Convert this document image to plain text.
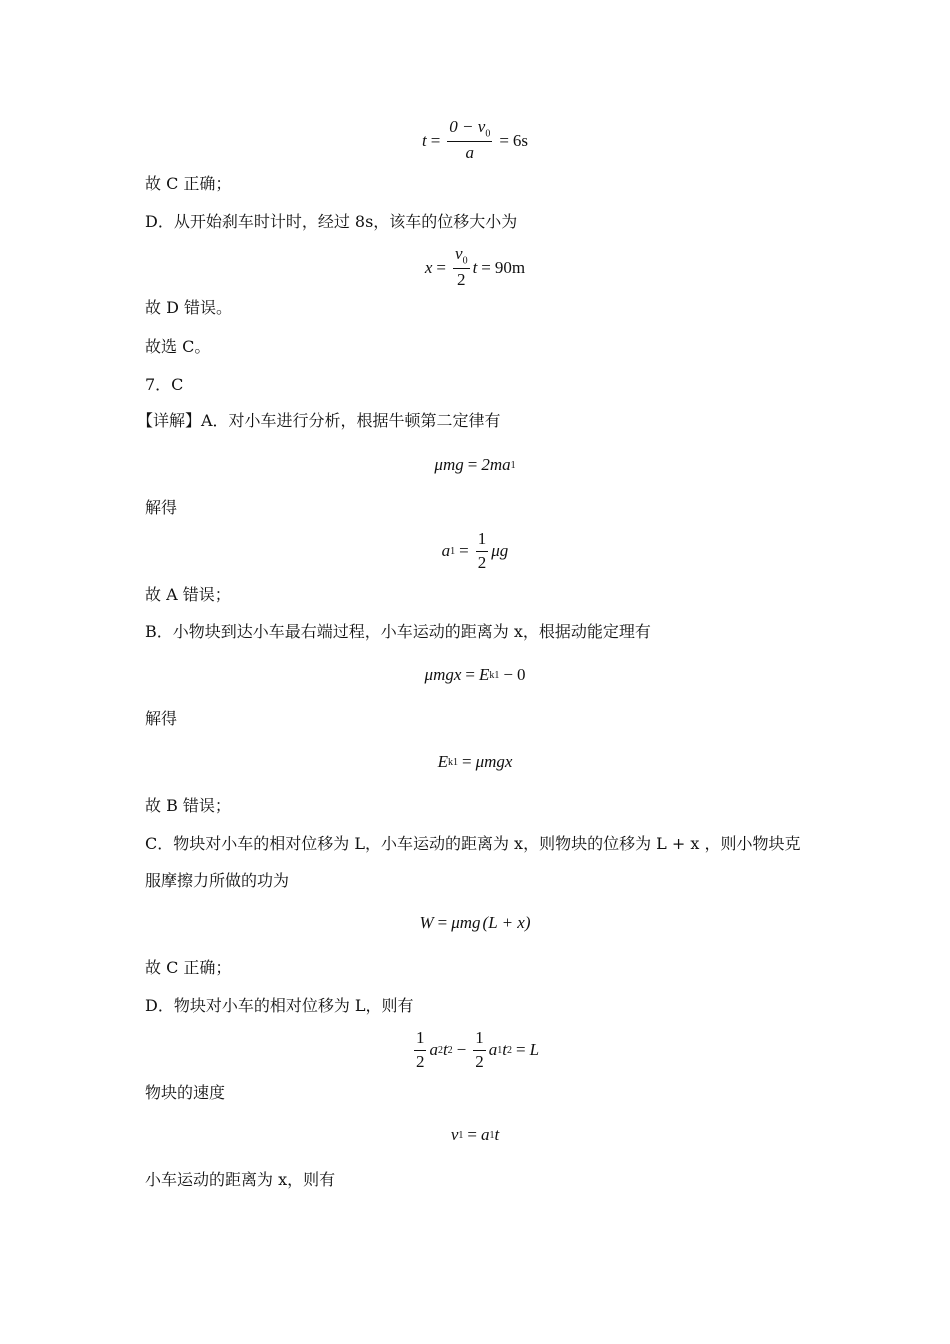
$t = \frac{0 - v_0}{a} = 6s$
故 C 正确；
D．从开始刹车时计时，经过 8s，该车的位移大小为
$x = \frac{v_0}{2}$ t = 90m
故 D 错误。
故选 C。
7．C
【详解】A．对小车进行分析，根据牛顿第二定律有
μmg = 2ma 1
解得
a $1 = \frac{1}{2}$ μg
故 A 错误；
B．小物块到达小车最右端过程，小车运动的距离为 x，根据动能定理有
μmgx = E k1 − 0
解得
E k1 = μmgx
故 B 错误；
C．物块对小车的相对位移为 L，小车运动的距离为 x，则物块的位移为 L + x ，则小物块克
服摩擦力所做的功为
W = μmg (L + x)
故 C 正确；
D．物块对小车的相对位移为 L，则有
$\frac{1}{2}$ a 2 t $2 - \frac{1}{2}$ a 1 t 2 = L
物块的速度
v 1 = a 1 t
小车运动的距离为 x，则有
